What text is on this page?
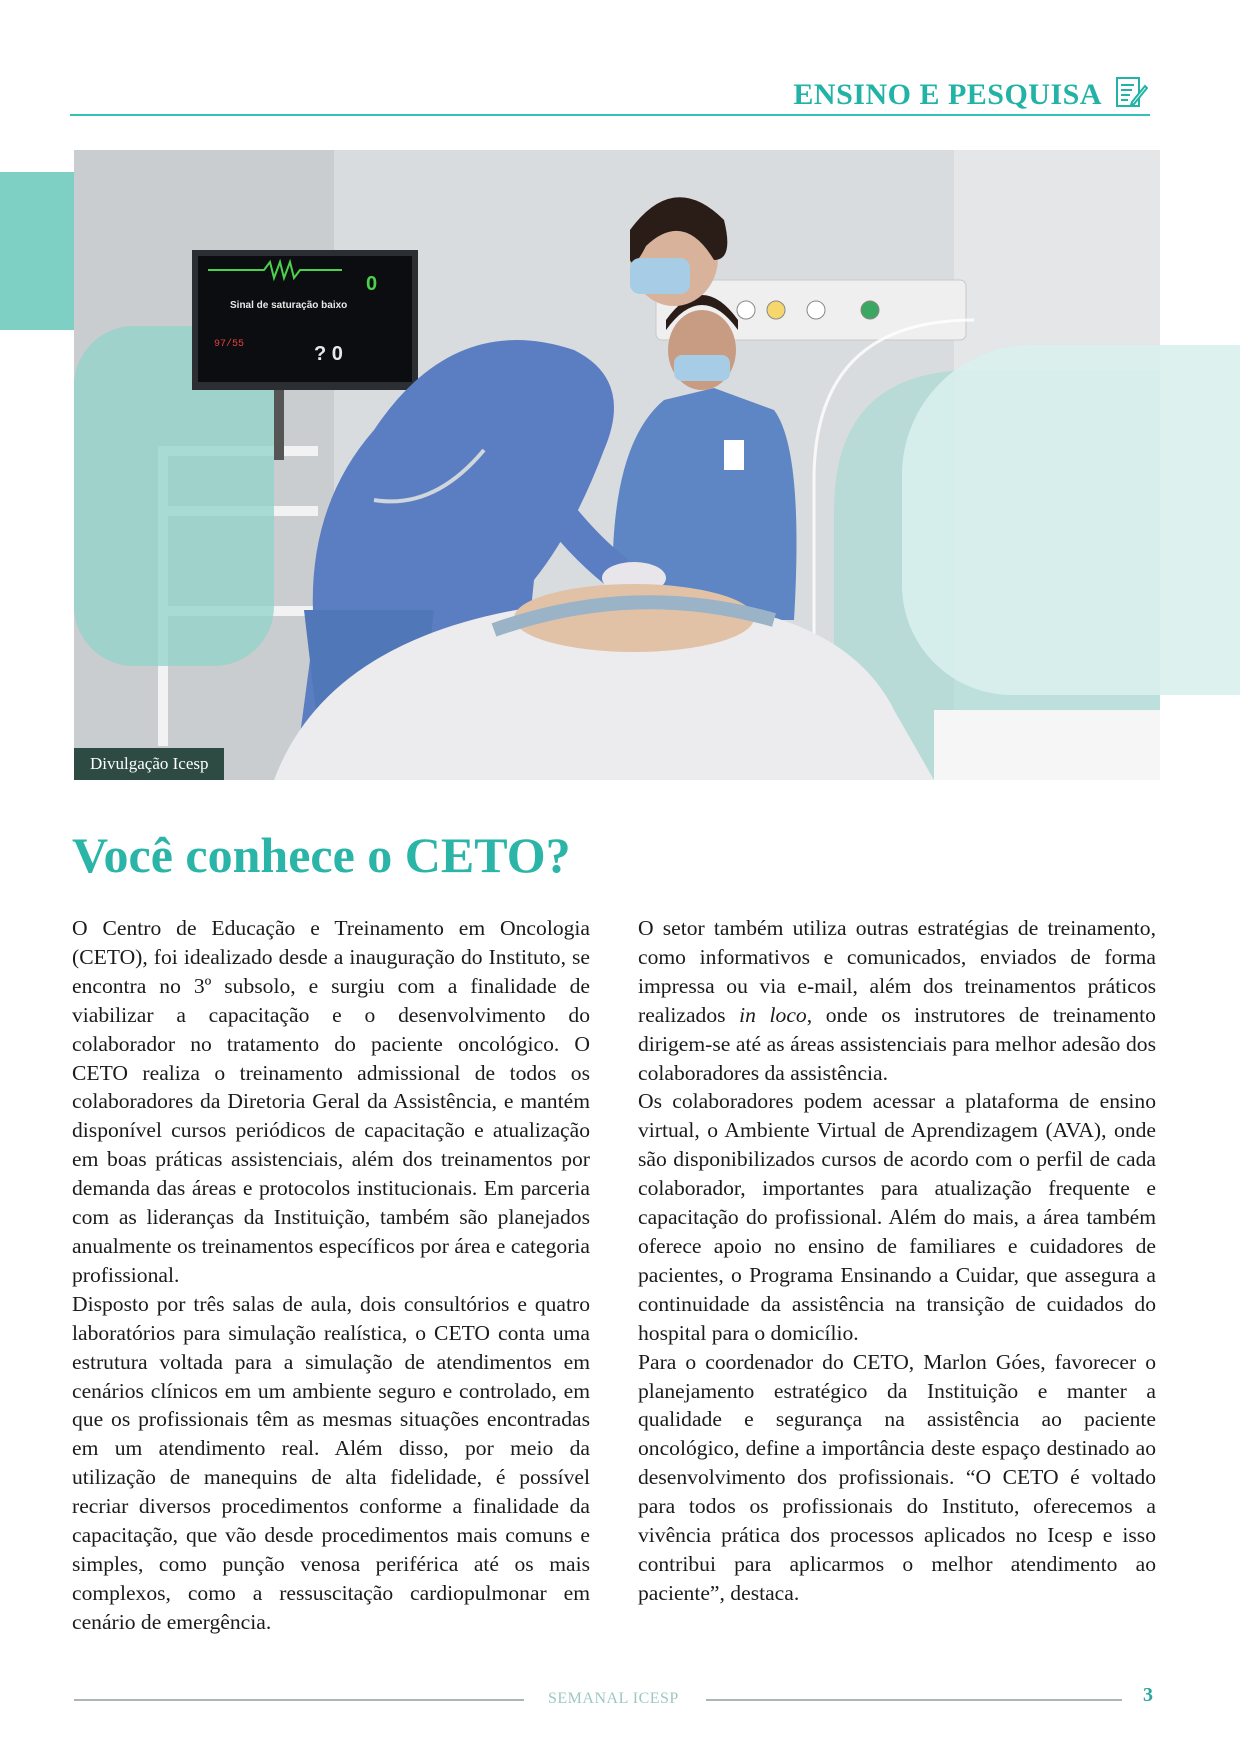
ENSINO E PESQUISA
Sinal de saturação baixo
97/55	? 0
0
Divulgação Icesp
Você conhece o CETO?

O Centro de Educação e Treinamento em Oncologia (CETO), foi idealizado desde a inauguração do Instituto, se encontra no 3º subsolo, e surgiu com a finalidade de viabilizar a capacitação e o desenvolvimento do colaborador no tratamento do paciente oncológico. O CETO realiza o treinamento admissional de todos os colaboradores da Diretoria Geral da Assistência, e mantém disponível cursos periódicos de capacitação e atualização em boas práticas assistenciais, além dos treinamentos por demanda das áreas e protocolos institucionais. Em parceria com as lideranças da Instituição, também são planejados anualmente os treinamentos específicos por área e categoria profissional.

Disposto por três salas de aula, dois consultórios e quatro laboratórios para simulação realística, o CETO conta uma estrutura voltada para a simulação de atendimentos em cenários clínicos em um ambiente seguro e controlado, em que os profissionais têm as mesmas situações encontradas em um atendimento real. Além disso, por meio da utilização de manequins de alta fidelidade, é possível recriar diversos procedimentos conforme a finalidade da capacitação, que vão desde procedimentos mais comuns e simples, como punção venosa periférica até os mais complexos, como a ressuscitação cardiopulmonar em cenário de emergência.

O setor também utiliza outras estratégias de treinamento, como informativos e comunicados, enviados de forma impressa ou via e-mail, além dos treinamentos práticos realizados in loco, onde os instrutores de treinamento dirigem-se até as áreas assistenciais para melhor adesão dos colaboradores da assistência.

Os colaboradores podem acessar a plataforma de ensino virtual, o Ambiente Virtual de Aprendizagem (AVA), onde são disponibilizados cursos de acordo com o perfil de cada colaborador, importantes para atualização frequente e capacitação do profissional. Além do mais, a área também oferece apoio no ensino de familiares e cuidadores de pacientes, o Programa Ensinando a Cuidar, que assegura a continuidade da assistência na transição de cuidados do hospital para o domicílio.

Para o coordenador do CETO, Marlon Góes, favorecer o planejamento estratégico da Instituição e manter a qualidade e segurança na assistência ao paciente oncológico, define a importância deste espaço destinado ao desenvolvimento dos profissionais. “O CETO é voltado para todos os profissionais do Instituto, oferecemos a vivência prática dos processos aplicados no Icesp e isso contribui para aplicarmos o melhor atendimento ao paciente”, destaca.

SEMANAL ICESP	3
